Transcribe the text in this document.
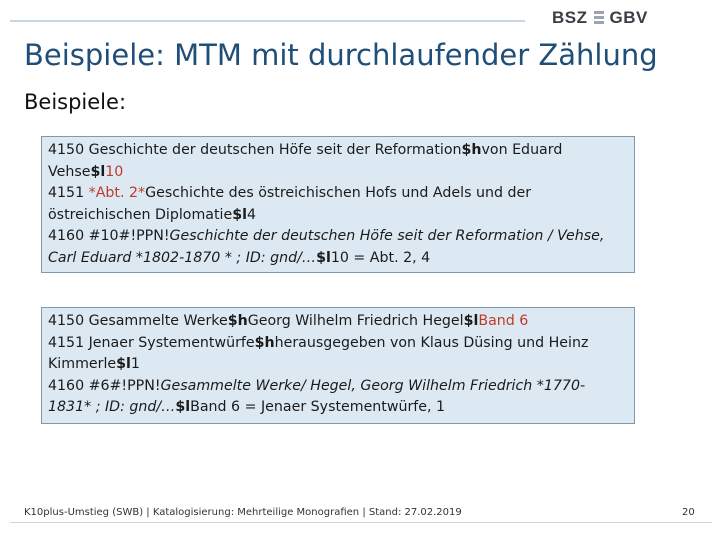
BSZ GBV
Beispiele: MTM mit durchlaufender Zählung
Beispiele:
4150 Geschichte der deutschen Höfe seit der Reformation$hvon Eduard
Vehse$l10
4151 *Abt. 2*Geschichte des östreichischen Hofs und Adels und der
östreichischen Diplomatie$l4
4160 #10#!PPN!Geschichte der deutschen Höfe seit der Reformation / Vehse,
Carl Eduard *1802-1870 * ; ID: gnd/…$l10 = Abt. 2, 4
4150 Gesammelte Werke$hGeorg Wilhelm Friedrich Hegel$lBand 6
4151 Jenaer Systementwürfe$hherausgegeben von Klaus Düsing und Heinz
Kimmerle$l1
4160 #6#!PPN!Gesammelte Werke/ Hegel, Georg Wilhelm Friedrich *1770-
1831* ; ID: gnd/…$lBand 6 = Jenaer Systementwürfe, 1
K10plus-Umstieg (SWB) | Katalogisierung: Mehrteilige Monografien | Stand: 27.02.2019	20
